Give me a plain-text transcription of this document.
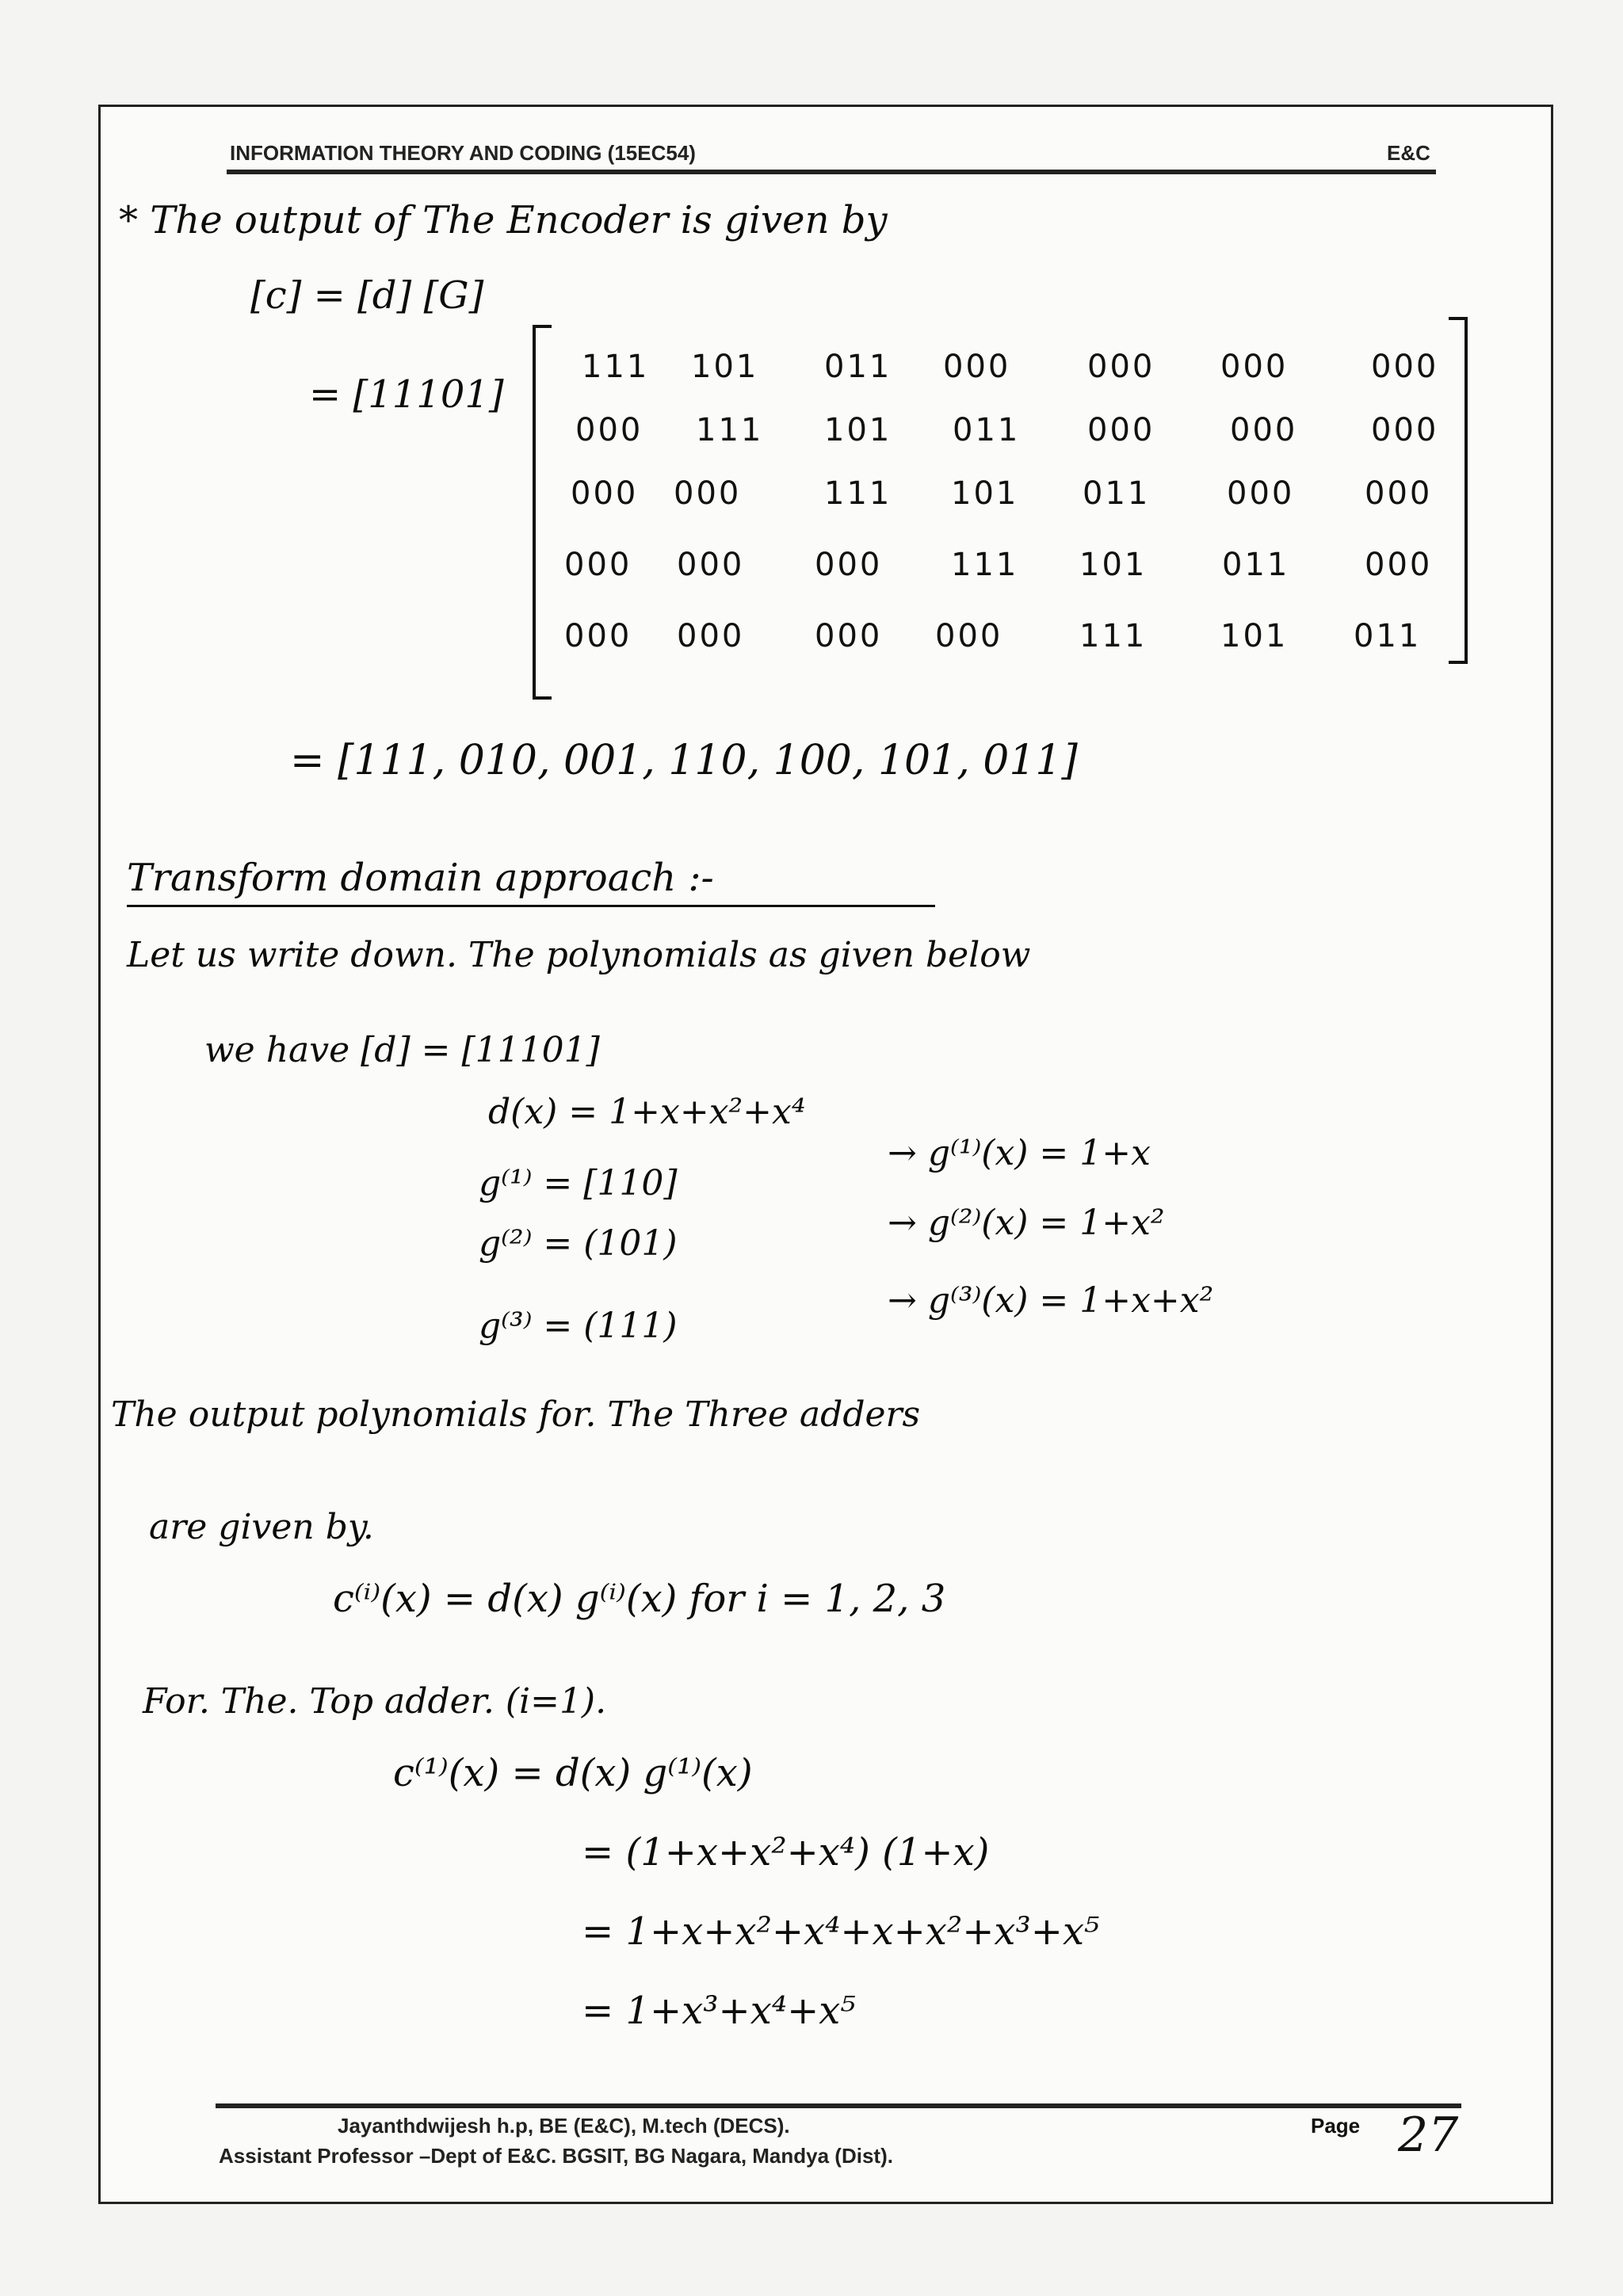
INFORMATION THEORY AND CODING (15EC54)	E&C
* The output of The Encoder is given by
[c] = [d] [G]
= [11101]
111 101 011 000 000 000	000
000 111 101 011 000 000 000
000 000	111 101 011 000 000
000 000 000 111 101 011 000
000 000 000 000 111 101 011
= [111, 010, 001, 110, 100, 101, 011]
Transform domain approach :-
Let us write down. The polynomials as given below
we have [d] = [11101]
d(x) = 1+x+x²+x⁴
g⁽¹⁾ = [110]
→ g⁽¹⁾(x) = 1+x
g⁽²⁾ = (101)
→ g⁽²⁾(x) = 1+x²
g⁽³⁾ = (111)
→ g⁽³⁾(x) = 1+x+x²
The output polynomials for. The Three adders
are given by.
c⁽ⁱ⁾(x) = d(x) g⁽ⁱ⁾(x) for i = 1, 2, 3
For. The. Top adder. (i=1).
c⁽¹⁾(x) = d(x) g⁽¹⁾(x)
= (1+x+x²+x⁴) (1+x)
= 1+x+x²+x⁴+x+x²+x³+x⁵
= 1+x³+x⁴+x⁵
Jayanthdwijesh h.p, BE (E&C), M.tech (DECS).
Assistant Professor –Dept of E&C. BGSIT, BG Nagara, Mandya (Dist).
Page 27
